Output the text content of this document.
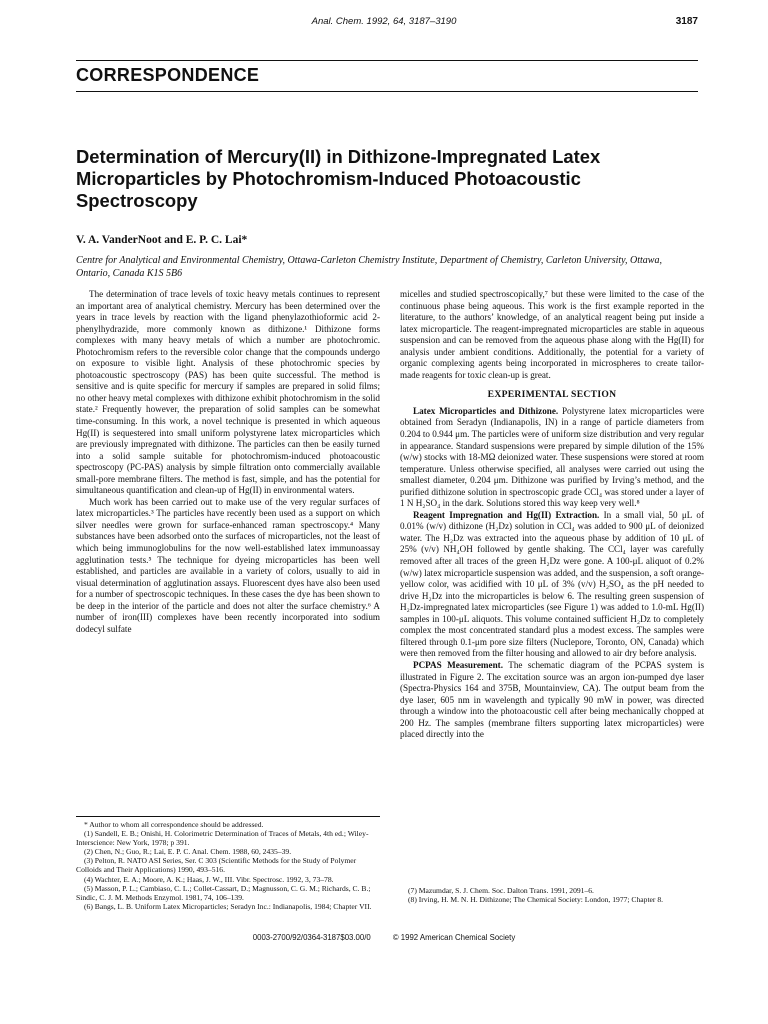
Anal. Chem. 1992, 64, 3187–3190	3187
CORRESPONDENCE
Determination of Mercury(II) in Dithizone-Impregnated Latex Microparticles by Photochromism-Induced Photoacoustic Spectroscopy
V. A. VanderNoot and E. P. C. Lai*
Centre for Analytical and Environmental Chemistry, Ottawa-Carleton Chemistry Institute, Department of Chemistry, Carleton University, Ottawa, Ontario, Canada K1S 5B6

The determination of trace levels of toxic heavy metals continues to represent an important area of analytical chemistry. Mercury has been determined over the years in trace levels by reaction with the ligand phenylazothioformic acid 2-phenylhydrazide, more commonly known as dithizone.¹ Dithizone forms complexes with many heavy metals of which a number are photochromic. Photochromism refers to the reversible color change that the compounds undergo on exposure to visible light. Analysis of these photochromic species by photoacoustic spectroscopy (PAS) has been quite successful. The method is sensitive and is quite specific for mercury if samples are prepared in solid films; no other heavy metal complexes with dithizone exhibit photochromism in the solid state.² Frequently however, the preparation of solid samples can be somewhat time-consuming. In this work, a novel technique is presented in which aqueous Hg(II) is sequestered into small uniform polystyrene latex microparticles which are previously impregnated with dithizone. The particles can then be easily turned into a solid sample suitable for photochromism-induced photoacoustic spectroscopy (PC-PAS) analysis by simple filtration onto commercially available small-pore membrane filters. The method is fast, simple, and has the potential for simultaneous quantification and clean-up of Hg(II) in environmental waters.

Much work has been carried out to make use of the very regular surfaces of latex microparticles.³ The particles have recently been used as a support on which silver needles were grown for surface-enhanced raman spectroscopy.⁴ Many substances have been adsorbed onto the surfaces of microparticles, not the least of which being immunoglobulins for the now well-established latex immunoassay agglutination tests.⁵ The technique for dyeing microparticles has been well established, and particles are available in a variety of colors, usually to aid in visual determination of agglutination assays. Fluorescent dyes have also been used for a number of spectroscopic techniques. In these cases the dye has been shown to be deep in the interior of the particle and does not alter the surface chemistry.⁶ A number of iron(III) complexes have been recently incorporated into sodium dodecyl sulfate

micelles and studied spectroscopically,⁷ but these were limited to the case of the continuous phase being aqueous. This work is the first example reported in the literature, to the authors’ knowledge, of an analytical reagent being put inside a latex microparticle. The reagent-impregnated microparticles are stable in aqueous suspension and can be removed from the aqueous phase along with the Hg(II) for analysis under ambient conditions. Additionally, the potential for a variety of organic complexing agents being incorporated in microspheres to create tailor-made reagents for toxic clean-up is great.

EXPERIMENTAL SECTION

Latex Microparticles and Dithizone. Polystyrene latex microparticles were obtained from Seradyn (Indianapolis, IN) in a range of particle diameters from 0.204 to 0.944 μm. The particles were of uniform size distribution and very regular in appearance. Standard suspensions were prepared by simple dilution of the 15% (w/w) stocks with 18-MΩ deionized water. These suspensions were stored at room temperature. Unless otherwise specified, all analyses were carried out using the smallest diameter, 0.204 μm. Dithizone was purified by Irving’s method, and the purified dithizone solution in spectroscopic grade CCl₄ was stored under a layer of 1 N H₂SO₄ in the dark. Solutions stored this way keep very well.⁸

Reagent Impregnation and Hg(II) Extraction. In a small vial, 50 μL of 0.01% (w/v) dithizone (H₂Dz) solution in CCl₄ was added to 900 μL of deionized water. The H₂Dz was extracted into the aqueous phase by addition of 10 μL of 25% (v/v) NH₄OH followed by gentle shaking. The CCl₄ layer was carefully removed after all traces of the green H₂Dz were gone. A 100-μL aliquot of 0.2% (w/w) latex microparticle suspension was added, and the suspension, a soft orange-yellow color, was acidified with 10 μL of 3% (v/v) H₂SO₄ as the pH needed to drive H₂Dz into the microparticles is below 6. The resulting green suspension of H₂Dz-impregnated latex microparticles (see Figure 1) was added to 1.0-mL Hg(II) samples in 100-μL aliquots. This volume contained sufficient H₂Dz to completely complex the most concentrated standard plus a modest excess. The samples were filtered through 0.1-μm pore size filters (Nuclepore, Toronto, ON, Canada) which were then removed from the filter housing and allowed to air dry before analysis.

PCPAS Measurement. The schematic diagram of the PCPAS system is illustrated in Figure 2. The excitation source was an argon ion-pumped dye laser (Spectra-Physics 164 and 375B, Mountainview, CA). The output beam from the dye laser, 605 nm in wavelength and typically 90 mW in power, was directed through a window into the photoacoustic cell after being mechanically chopped at 200 Hz. The samples (membrane filters supporting latex microparticles) were placed directly into the

* Author to whom all correspondence should be addressed.

(1) Sandell, E. B.; Onishi, H. Colorimetric Determination of Traces of Metals, 4th ed.; Wiley-Interscience: New York, 1978; p 391.

(2) Chen, N.; Guo, R.; Lai, E. P. C. Anal. Chem. 1988, 60, 2435–39.

(3) Pelton, R. NATO ASI Series, Ser. C 303 (Scientific Methods for the Study of Polymer Colloids and Their Applications) 1990, 493–516.

(4) Wachter, E. A.; Moore, A. K.; Haas, J. W., III. Vibr. Spectrosc. 1992, 3, 73–78.

(5) Masson, P. L.; Cambiaso, C. L.; Collet-Cassart, D.; Magnusson, C. G. M.; Richards, C. B.; Sindic, C. J. M. Methods Enzymol. 1981, 74, 106–139.

(6) Bangs, L. B. Uniform Latex Microparticles; Seradyn Inc.: Indianapolis, 1984; Chapter VII.

(7) Mazumdar, S. J. Chem. Soc. Dalton Trans. 1991, 2091–6.

(8) Irving, H. M. N. H. Dithizone; The Chemical Society: London, 1977; Chapter 8.

0003-2700/92/0364-3187$03.00/0	© 1992 American Chemical Society
